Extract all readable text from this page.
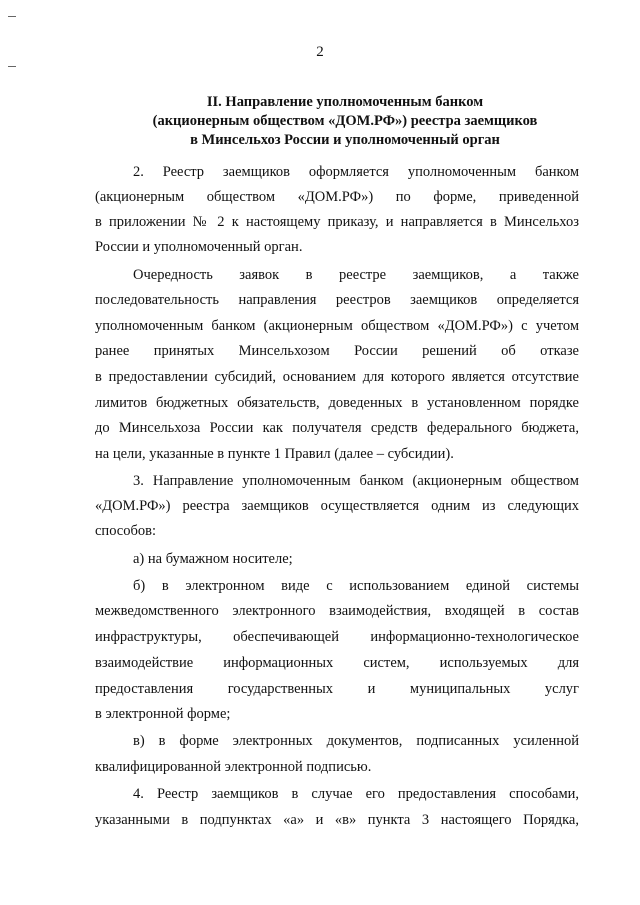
2
II. Направление уполномоченным банком
(акционерным обществом «ДОМ.РФ») реестра заемщиков
в Минсельхоз России и уполномоченный орган
2. Реестр заемщиков оформляется уполномоченным банком
(акционерным обществом «ДОМ.РФ») по форме, приведенной
в приложении № 2 к настоящему приказу, и направляется в Минсельхоз
России и уполномоченный орган.
Очередность заявок в реестре заемщиков, а также
последовательность направления реестров заемщиков определяется
уполномоченным банком (акционерным обществом «ДОМ.РФ») с учетом
ранее принятых Минсельхозом России решений об отказе
в предоставлении субсидий, основанием для которого является отсутствие
лимитов бюджетных обязательств, доведенных в установленном порядке
до Минсельхоза России как получателя средств федерального бюджета,
на цели, указанные в пункте 1 Правил (далее – субсидии).
3. Направление уполномоченным банком (акционерным обществом
«ДОМ.РФ») реестра заемщиков осуществляется одним из следующих
способов:
а) на бумажном носителе;
б) в электронном виде с использованием единой системы
межведомственного электронного взаимодействия, входящей в состав
инфраструктуры, обеспечивающей информационно-технологическое
взаимодействие информационных систем, используемых для
предоставления государственных и муниципальных услуг
в электронной форме;
в) в форме электронных документов, подписанных усиленной
квалифицированной электронной подписью.
4. Реестр заемщиков в случае его предоставления способами,
указанными в подпунктах «а» и «в» пункта 3 настоящего Порядка,
